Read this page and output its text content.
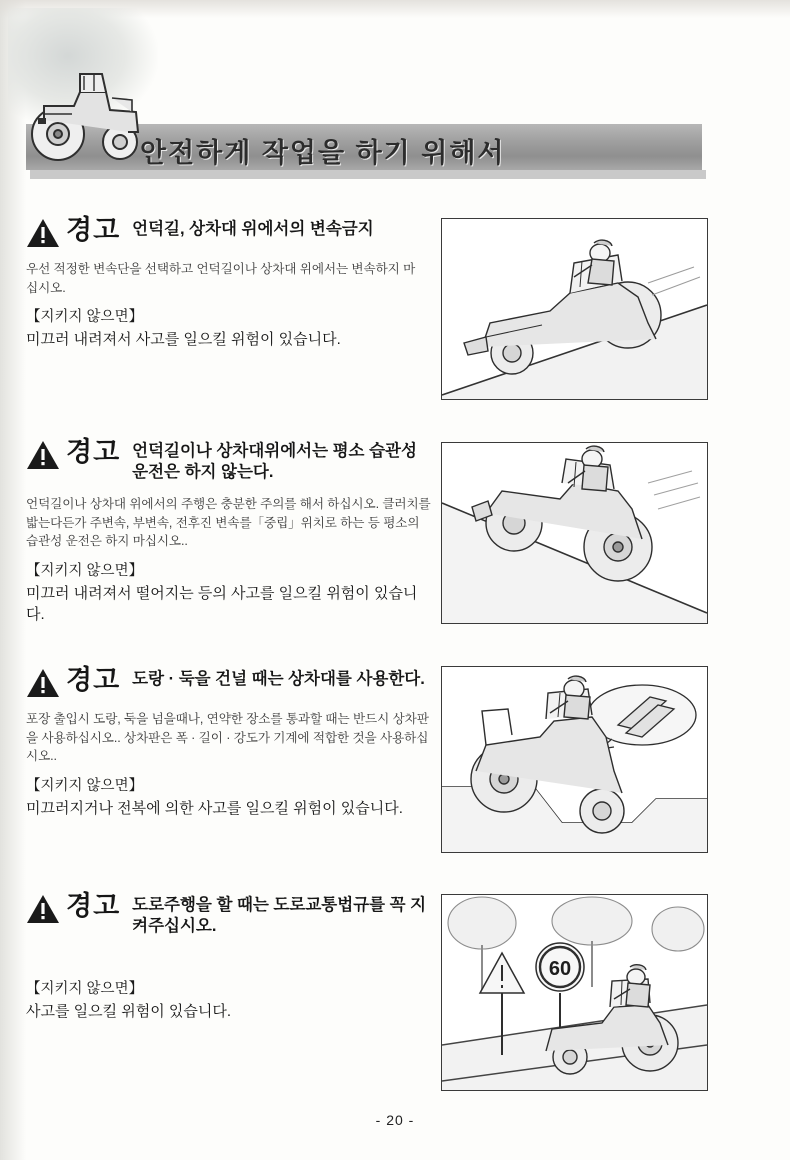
안전하게 작업을 하기 위해서
경고 언덕길, 상차대 위에서의 변속금지
우선 적정한 변속단을 선택하고 언덕길이나 상차대 위에서는 변속하지 마십시오.
【지키지 않으면】
미끄러 내려져서 사고를 일으킬 위험이 있습니다.
경고 언덕길이나 상차대위에서는 평소 습관성 운전은 하지 않는다.
언덕길이나 상차대 위에서의 주행은 충분한 주의를 해서 하십시오. 클러치를 밟는다든가 주변속, 부변속, 전후진 변속를「중립」위치로 하는 등 평소의 습관성 운전은 하지 마십시오..
【지키지 않으면】
미끄러 내려져서 떨어지는 등의 사고를 일으킬 위험이 있습니다.
경고 도랑 · 둑을 건널 때는 상차대를 사용한다.
포장 출입시 도랑, 둑을 넘을때나, 연약한 장소를 통과할 때는 반드시 상차판을 사용하십시오.. 상차판은 폭 · 길이 · 강도가 기계에 적합한 것을 사용하십시오..
【지키지 않으면】
미끄러지거나 전복에 의한 사고를 일으킬 위험이 있습니다.
경고 도로주행을 할 때는 도로교통법규를 꼭 지켜주십시오.
【지키지 않으면】
사고를 일으킬 위험이 있습니다.
60
- 20 -
